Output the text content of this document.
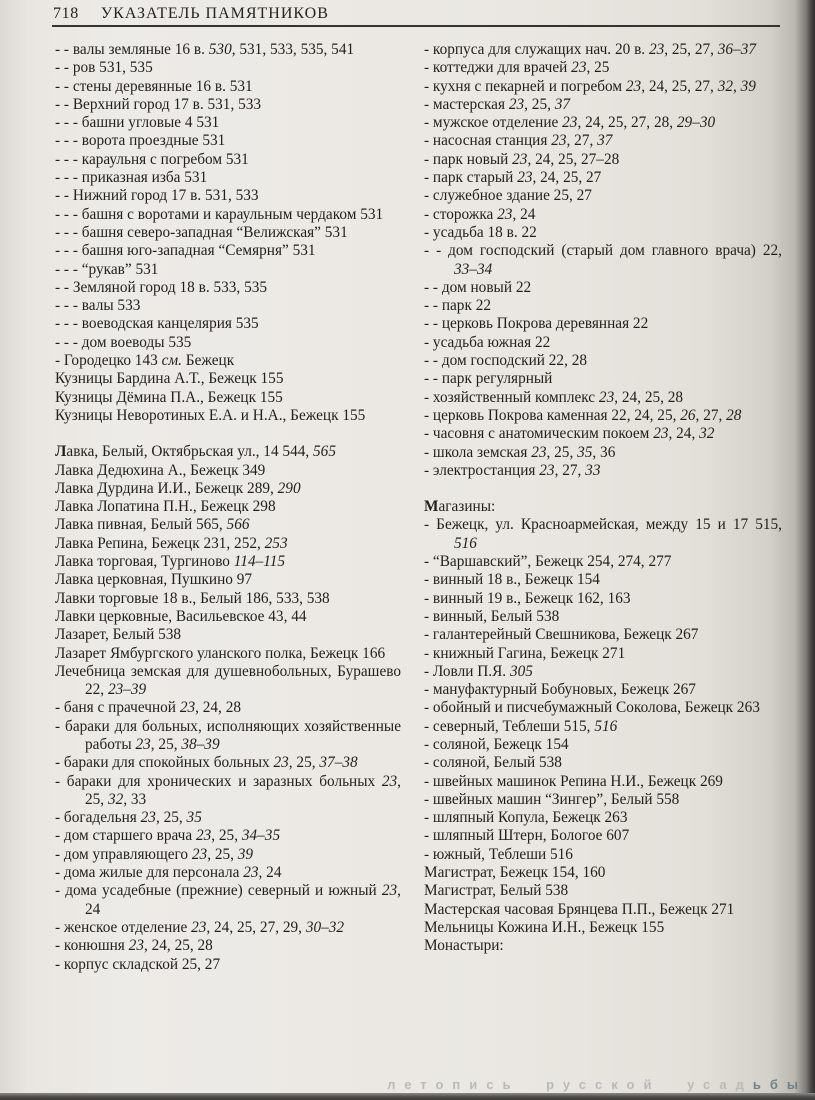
718 УКАЗАТЕЛЬ ПАМЯТНИКОВ

- - валы земляные 16 в. 530, 531, 533, 535, 541

- - ров 531, 535

- - стены деревянные 16 в. 531

- - Верхний город 17 в. 531, 533

- - - башни угловые 4 531

- - - ворота проездные 531

- - - караульня с погребом 531

- - - приказная изба 531

- - Нижний город 17 в. 531, 533

- - - башня с воротами и караульным чердаком 531

- - - башня северо-западная “Велижская” 531

- - - башня юго-западная “Семярня” 531

- - - “рукав” 531

- - Земляной город 18 в. 533, 535

- - - валы 533

- - - воеводская канцелярия 535

- - - дом воеводы 535

- Городецко 143 см. Бежецк

Кузницы Бардина А.Т., Бежецк 155

Кузницы Дёмина П.А., Бежецк 155

Кузницы Неворотиных Е.А. и Н.А., Бежецк 155

Лавка, Белый, Октябрьская ул., 14 544, 565

Лавка Дедюхина А., Бежецк 349

Лавка Дурдина И.И., Бежецк 289, 290

Лавка Лопатина П.Н., Бежецк 298

Лавка пивная, Белый 565, 566

Лавка Репина, Бежецк 231, 252, 253

Лавка торговая, Тургиново 114–115

Лавка церковная, Пушкино 97

Лавки торговые 18 в., Белый 186, 533, 538

Лавки церковные, Васильевское 43, 44

Лазарет, Белый 538

Лазарет Ямбургского уланского полка, Бежецк 166

Лечебница земская для душевнобольных, Бурашево 22, 23–39

- баня с прачечной 23, 24, 28

- бараки для больных, исполняющих хозяйственные работы 23, 25, 38–39

- бараки для спокойных больных 23, 25, 37–38

- бараки для хронических и заразных больных 23, 25, 32, 33

- богадельня 23, 25, 35

- дом старшего врача 23, 25, 34–35

- дом управляющего 23, 25, 39

- дома жилые для персонала 23, 24

- дома усадебные (прежние) северный и южный 23, 24

- женское отделение 23, 24, 25, 27, 29, 30–32

- конюшня 23, 24, 25, 28

- корпус складской 25, 27

- корпуса для служащих нач. 20 в. 23, 25, 27, 36–37

- коттеджи для врачей 23, 25

- кухня с пекарней и погребом 23, 24, 25, 27, 32, 39

- мастерская 23, 25, 37

- мужское отделение 23, 24, 25, 27, 28, 29–30

- насосная станция 23, 27, 37

- парк новый 23, 24, 25, 27–28

- парк старый 23, 24, 25, 27

- служебное здание 25, 27

- сторожка 23, 24

- усадьба 18 в. 22

- - дом господский (старый дом главного врача) 22, 33–34

- - дом новый 22

- - парк 22

- - церковь Покрова деревянная 22

- усадьба южная 22

- - дом господский 22, 28

- - парк регулярный

- хозяйственный комплекс 23, 24, 25, 28

- церковь Покрова каменная 22, 24, 25, 26, 27, 28

- часовня с анатомическим покоем 23, 24, 32

- школа земская 23, 25, 35, 36

- электростанция 23, 27, 33

Магазины:

- Бежецк, ул. Красноармейская, между 15 и 17 515, 516

- “Варшавский”, Бежецк 254, 274, 277

- винный 18 в., Бежецк 154

- винный 19 в., Бежецк 162, 163

- винный, Белый 538

- галантерейный Свешникова, Бежецк 267

- книжный Гагина, Бежецк 271

- Ловли П.Я. 305

- мануфактурный Бобуновых, Бежецк 267

- обойный и писчебумажный Соколова, Бежецк 263

- северный, Теблеши 515, 516

- соляной, Бежецк 154

- соляной, Белый 538

- швейных машинок Репина Н.И., Бежецк 269

- швейных машин “Зингер”, Белый 558

- шляпный Копула, Бежецк 263

- шляпный Штерн, Бологое 607

- южный, Теблеши 516

Магистрат, Бежецк 154, 160

Магистрат, Белый 538

Мастерская часовая Брянцева П.П., Бежецк 271

Мельницы Кожина И.Н., Бежецк 155

Монастыри:

летопись русской усадьбы
